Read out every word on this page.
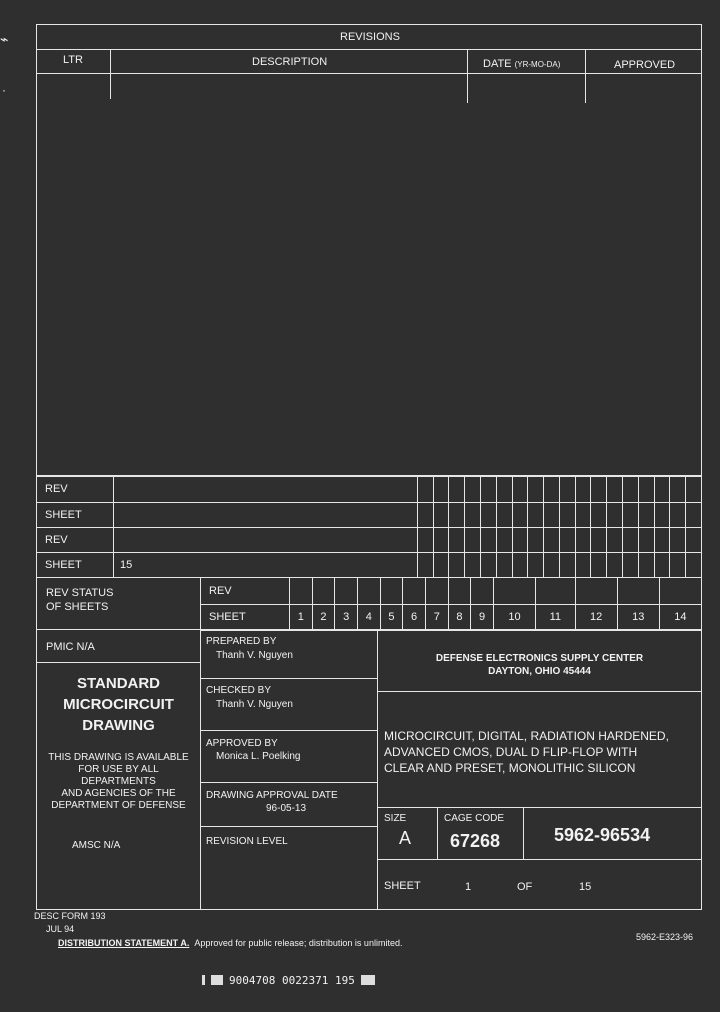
⌁
·
REVISIONS
LTR	DESCRIPTION	DATE (YR-MO-DA)	APPROVED
REV																			
SHEET																			
REV																			
SHEET	15																		
REV STATUS
OF SHEETS
REV														
SHEET	1	2	3	4	5	6	7	8	9	10	11	12	13	14
PMIC N/A
STANDARD
MICROCIRCUIT
DRAWING
THIS DRAWING IS AVAILABLE
FOR USE BY ALL
DEPARTMENTS
AND AGENCIES OF THE
DEPARTMENT OF DEFENSE
AMSC N/A
PREPARED BY
Thanh V. Nguyen
CHECKED BY
Thanh V. Nguyen
APPROVED BY
Monica L. Poelking
DRAWING APPROVAL DATE
96-05-13
REVISION LEVEL
DEFENSE ELECTRONICS SUPPLY CENTER
DAYTON, OHIO 45444
MICROCIRCUIT, DIGITAL, RADIATION HARDENED,
ADVANCED CMOS, DUAL D FLIP-FLOP WITH
CLEAR AND PRESET, MONOLITHIC SILICON
SIZE
A
CAGE CODE
67268	5962-96534
SHEET	1	OF	15
DESC FORM 193
JUL 94
DISTRIBUTION STATEMENT A. Approved for public release; distribution is unlimited.
5962-E323-96
9004708 0022371 195
